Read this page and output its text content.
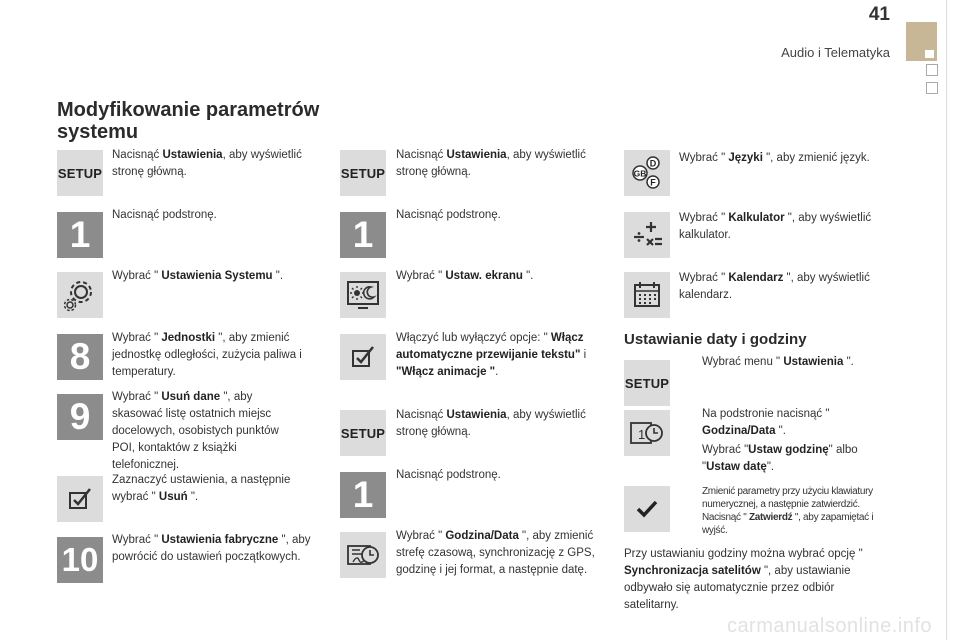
41
Audio i Telematyka
Modyfikowanie parametrów
systemu
SETUP
Nacisnąć Ustawienia, aby wyświetlić stronę główną.
1	Nacisnąć podstronę.
Wybrać " Ustawienia Systemu ".
8	Wybrać " Jednostki ", aby zmienić jednostkę odległości, zużycia paliwa i temperatury.
9	Wybrać " Usuń dane ", aby skasować listę ostatnich miejsc docelowych, osobistych punktów POI, kontaktów z książki telefonicznej.
Zaznaczyć ustawienia, a następnie wybrać " Usuń ".
10
Wybrać " Ustawienia fabryczne ", aby powrócić do ustawień początkowych.
SETUP
Nacisnąć Ustawienia, aby wyświetlić stronę główną.
1	Nacisnąć podstronę.
Wybrać " Ustaw. ekranu ".
Włączyć lub wyłączyć opcje: " Włącz automatyczne przewijanie tekstu" i "Włącz animacje ".
SETUP
Nacisnąć Ustawienia, aby wyświetlić stronę główną.
1	Nacisnąć podstronę.
Wybrać " Godzina/Data ", aby zmienić strefę czasową, synchronizację z GPS, godzinę i jej format, a następnie datę.
D
GB
F
Wybrać " Języki ", aby zmienić język.
Wybrać " Kalkulator ", aby wyświetlić kalkulator.
Wybrać " Kalendarz ", aby wyświetlić kalendarz.
Ustawianie daty i godziny
SETUP
Wybrać menu " Ustawienia ".
1
Na podstronie nacisnąć " Godzina/Data ".
Wybrać "Ustaw godzinę" albo
"Ustaw datę".
Zmienić parametry przy użyciu klawiatury numerycznej, a następnie zatwierdzić.
Nacisnąć " Zatwierdź ", aby zapamiętać i wyjść.
Przy ustawianiu godziny można wybrać opcję " Synchronizacja satelitów ", aby ustawianie odbywało się automatycznie przez odbiór satelitarny.
carmanualsonline.info
